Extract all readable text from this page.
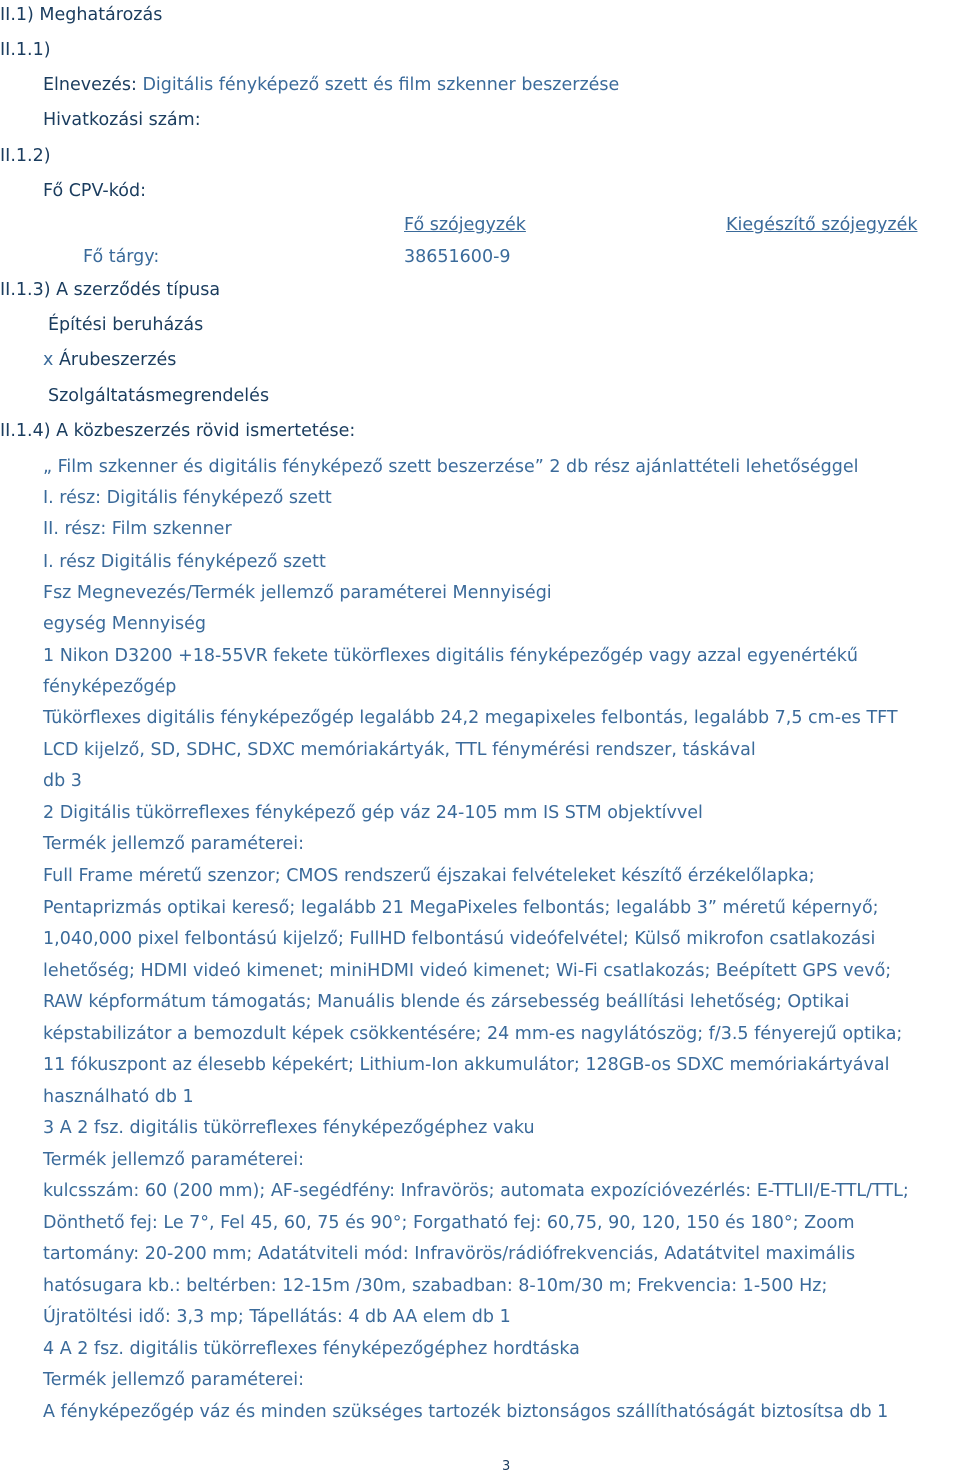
II.1) Meghatározás
II.1.1)
Elnevezés: Digitális fényképező szett és film szkenner beszerzése
Hivatkozási szám:
II.1.2)
Fő CPV-kód:
Fő szójegyzék	Kiegészítő szójegyzék
Fő tárgy:	38651600-9
II.1.3) A szerződés típusa
Építési beruházás
x Árubeszerzés
Szolgáltatásmegrendelés
II.1.4) A közbeszerzés rövid ismertetése:
„ Film szkenner és digitális fényképező szett beszerzése” 2 db rész ajánlattételi lehetőséggel
I. rész: Digitális fényképező szett
II. rész: Film szkenner
I. rész Digitális fényképező szett
Fsz Megnevezés/Termék jellemző paraméterei Mennyiségi
egység Mennyiség
1 Nikon D3200 +18-55VR fekete tükörflexes digitális fényképezőgép vagy azzal egyenértékű
fényképezőgép
Tükörflexes digitális fényképezőgép legalább 24,2 megapixeles felbontás, legalább 7,5 cm-es TFT
LCD kijelző, SD, SDHC, SDXC memóriakártyák, TTL fénymérési rendszer, táskával
db 3
2 Digitális tükörreflexes fényképező gép váz 24-105 mm IS STM objektívvel
Termék jellemző paraméterei:
Full Frame méretű szenzor; CMOS rendszerű éjszakai felvételeket készítő érzékelőlapka;
Pentaprizmás optikai kereső; legalább 21 MegaPixeles felbontás; legalább 3” méretű képernyő;
1,040,000 pixel felbontású kijelző; FullHD felbontású videófelvétel; Külső mikrofon csatlakozási
lehetőség; HDMI videó kimenet; miniHDMI videó kimenet; Wi-Fi csatlakozás; Beépített GPS vevő;
RAW képformátum támogatás; Manuális blende és zársebesség beállítási lehetőség; Optikai
képstabilizátor a bemozdult képek csökkentésére; 24 mm-es nagylátószög; f/3.5 fényerejű optika;
11 fókuszpont az élesebb képekért; Lithium-Ion akkumulátor; 128GB-os SDXC memóriakártyával
használható db 1
3 A 2 fsz. digitális tükörreflexes fényképezőgéphez vaku
Termék jellemző paraméterei:
kulcsszám: 60 (200 mm); AF-segédfény: Infravörös; automata expozícióvezérlés: E-TTLII/E-TTL/TTL;
Dönthető fej: Le 7°, Fel 45, 60, 75 és 90°; Forgatható fej: 60,75, 90, 120, 150 és 180°; Zoom
tartomány: 20-200 mm; Adatátviteli mód: Infravörös/rádiófrekvenciás, Adatátvitel maximális
hatósugara kb.: beltérben: 12-15m /30m, szabadban: 8-10m/30 m; Frekvencia: 1-500 Hz;
Újratöltési idő: 3,3 mp; Tápellátás: 4 db AA elem db 1
4 A 2 fsz. digitális tükörreflexes fényképezőgéphez hordtáska
Termék jellemző paraméterei:
A fényképezőgép váz és minden szükséges tartozék biztonságos szállíthatóságát biztosítsa db 1
3
